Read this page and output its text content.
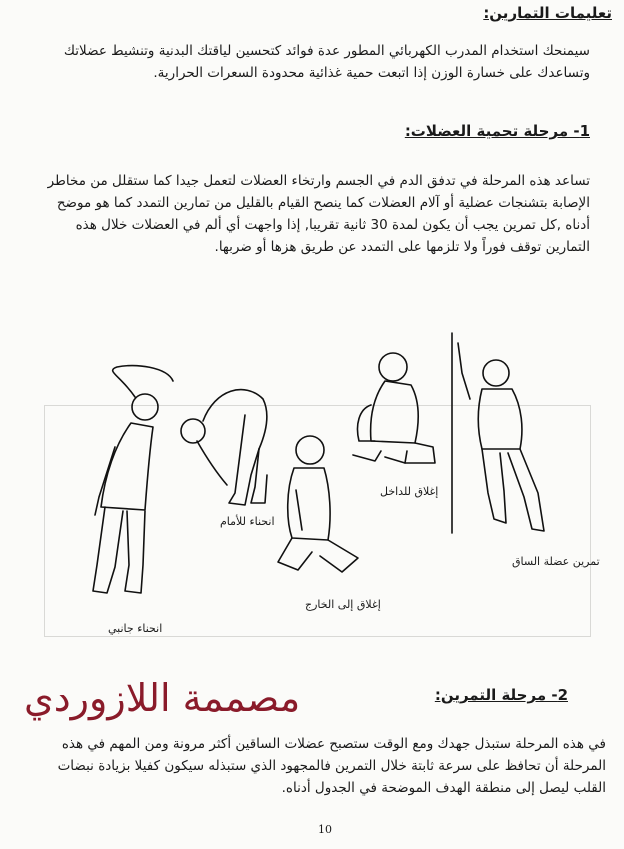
تعليمات التمارين:
سيمنحك استخدام المدرب الكهربائي المطور عدة فوائد كتحسين لياقتك البدنية وتنشيط عضلاتك وتساعدك على خسارة الوزن إذا اتبعت حمية غذائية محدودة السعرات الحرارية.
1- مرحلة تحمية العضلات:
تساعد هذه المرحلة في تدفق الدم في الجسم وارتخاء العضلات لتعمل جيدا كما ستقلل من مخاطر الإصابة بتشنجات عضلية أو آلام العضلات كما ينصح القيام بالقليل من تمارين التمدد كما هو موضح أدناه ,كل تمرين يجب أن يكون لمدة 30 ثانية تقريبا, إذا واجهت أي ألم في العضلات خلال هذه التمارين توقف فوراً ولا تلزمها على التمدد عن طريق هزها أو ضربها.
انحناء جانبي
انحناء للأمام
إغلاق إلى الخارج
إغلاق للداخل
تمرين عضلة الساق
مصممة اللازوردي	2- مرحلة التمرين:
في هذه المرحلة ستبذل جهدك ومع الوقت ستصبح عضلات الساقين أكثر مرونة ومن المهم في هذه المرحلة أن تحافظ على سرعة ثابتة خلال التمرين فالمجهود الذي ستبذله سيكون كفيلا بزيادة نبضات القلب ليصل إلى منطقة الهدف الموضحة في الجدول أدناه.
10
